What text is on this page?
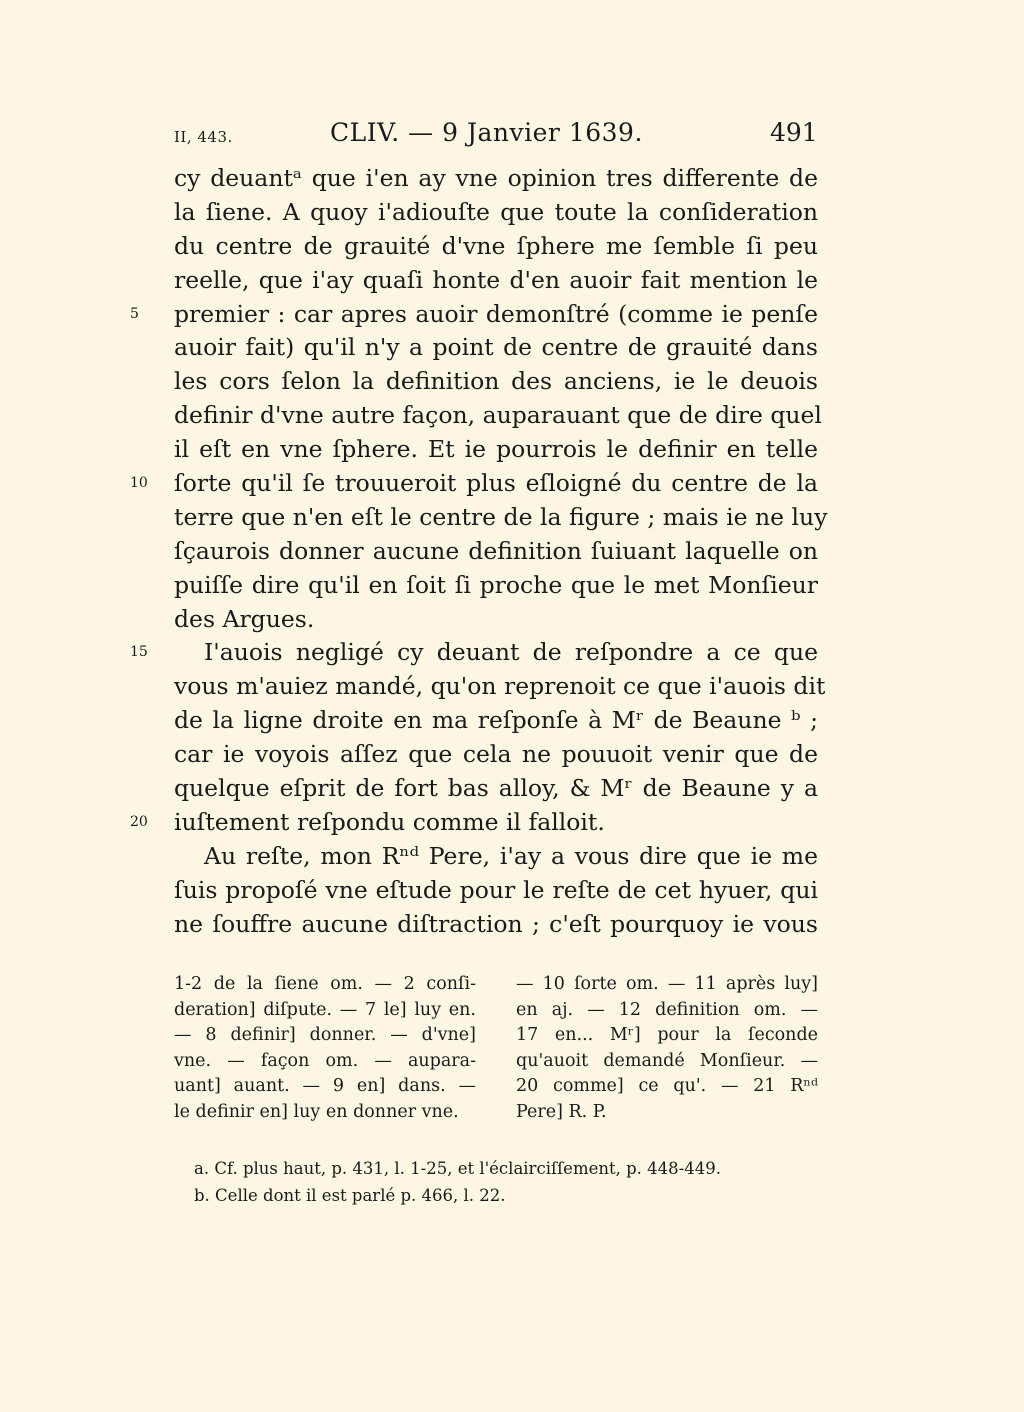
II, 443.	CLIV. — 9 Janvier 1639.	491
cy deuantᵃ que i'en ay vne opinion tres differente de
la ſiene. A quoy i'adiouſte que toute la conſideration
du centre de grauité d'vne ſphere me ſemble ſi peu
reelle, que i'ay quaſi honte d'en auoir fait mention le
premier : car apres auoir demonſtré (comme ie penſe
5
auoir fait) qu'il n'y a point de centre de grauité dans
les cors ſelon la definition des anciens, ie le deuois
definir d'vne autre façon, auparauant que de dire quel
il eſt en vne ſphere. Et ie pourrois le definir en telle
ſorte qu'il ſe trouueroit plus eſloigné du centre de la
10
terre que n'en eſt le centre de la figure ; mais ie ne luy
ſçaurois donner aucune definition ſuiuant laquelle on
puiſſe dire qu'il en ſoit ſi proche que le met Monſieur
des Argues.
I'auois negligé cy deuant de reſpondre a ce que
15
vous m'auiez mandé, qu'on reprenoit ce que i'auois dit
de la ligne droite en ma reſponſe à Mʳ de Beaune ᵇ ;
car ie voyois aſſez que cela ne pouuoit venir que de
quelque eſprit de fort bas alloy, & Mʳ de Beaune y a
iuſtement reſpondu comme il falloit.
20
Au reſte, mon Rⁿᵈ Pere, i'ay a vous dire que ie me
ſuis propoſé vne eſtude pour le reſte de cet hyuer, qui
ne ſouffre aucune diſtraction ; c'eſt pourquoy ie vous
1-2 de la ſiene om. — 2 conſi-
deration] diſpute. — 7 le] luy en.
— 8 definir] donner. — d'vne]
vne. — façon om. — aupara-
uant] auant. — 9 en] dans. —
le definir en] luy en donner vne.
— 10 ſorte om. — 11 après luy]
en aj. — 12 definition om. —
17 en... Mʳ] pour la ſeconde
qu'auoit demandé Monſieur. —
20 comme] ce qu'. — 21 Rⁿᵈ
Pere] R. P.
a. Cf. plus haut, p. 431, l. 1-25, et l'éclairciſſement, p. 448-449.
b. Celle dont il est parlé p. 466, l. 22.
